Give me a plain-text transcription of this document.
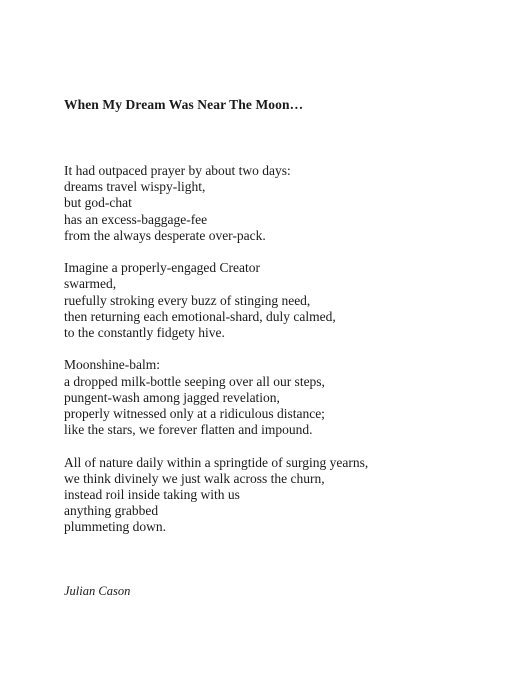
When My Dream Was Near The Moon…

It had outpaced prayer by about two days:
dreams travel wispy-light,
but god-chat
has an excess-baggage-fee
from the always desperate over-pack.

Imagine a properly-engaged Creator
swarmed,
ruefully stroking every buzz of stinging need,
then returning each emotional-shard, duly calmed,
to the constantly fidgety hive.

Moonshine-balm:
a dropped milk-bottle seeping over all our steps,
pungent-wash among jagged revelation,
properly witnessed only at a ridiculous distance;
like the stars, we forever flatten and impound.

All of nature daily within a springtide of surging yearns,
we think divinely we just walk across the churn,
instead roil inside taking with us
anything grabbed
plummeting down.

Julian Cason
